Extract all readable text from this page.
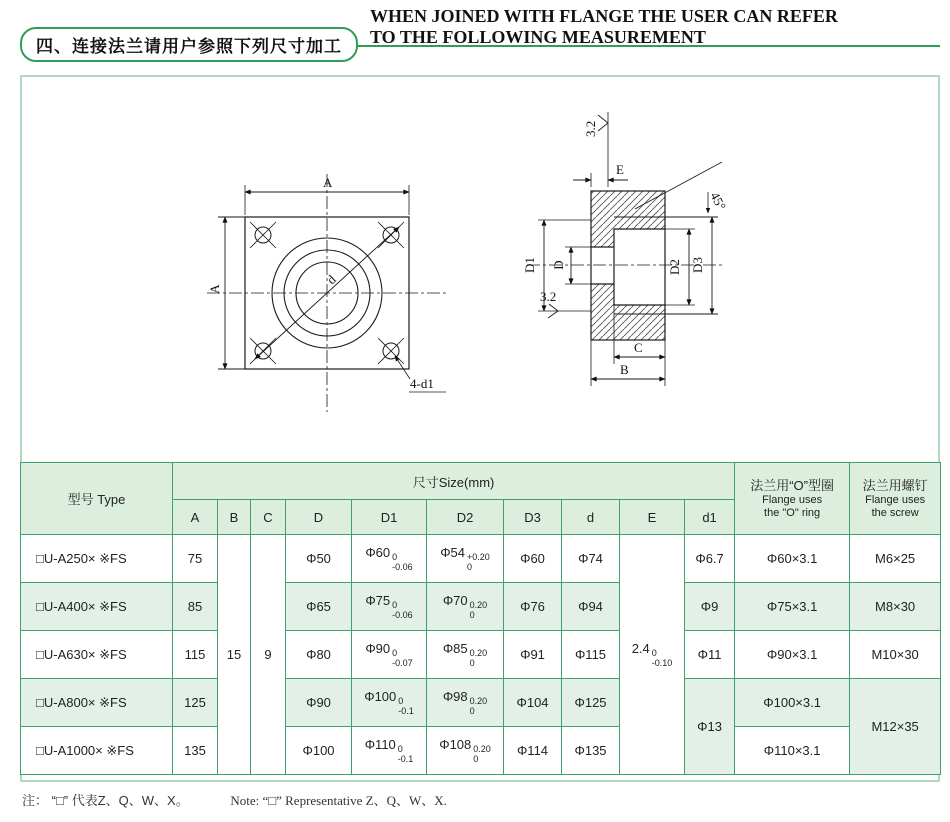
四、连接法兰请用户参照下列尺寸加工
WHEN JOINED WITH FLANGE THE USER CAN REFER
TO THE FOLLOWING MEASUREMENT
A
A
d
4-d1
D1 D	D2 D3
E
3.2
3.2
45°
C
B
型号 Type	尺寸Size(mm)	法兰用“O”型圈
Flange uses
the "O" ring

法兰用螺钉
Flange uses
the screw

	A	B	C	D	D1	D2	D3	d	E	d1		
□U-A250× ※FS	75	15	9	Φ50	Φ60 0
-0.06	Φ54 +0.20
0	Φ60	Φ74	2.4 0
-0.10	Φ6.7	Φ60×3.1	M6×25
□U-A400× ※FS	85			Φ65	Φ75 0
-0.06	Φ70 0.20
0	Φ76	Φ94		Φ9	Φ75×3.1	M8×30
□U-A630× ※FS	115			Φ80	Φ90 0
-0.07	Φ85 0.20
0	Φ91	Φ115		Φ11	Φ90×3.1	M10×30
□U-A800× ※FS	125			Φ90	Φ100 0
-0.1	Φ98 0.20
0	Φ104	Φ125		Φ13	Φ100×3.1	M12×35
□U-A1000× ※FS	135			Φ100	Φ110 0
-0.1	Φ108 0.20
0	Φ114	Φ135			Φ110×3.1	
注： “□” 代表Z、Q、W、X。	Note: “□” Representative Z、Q、W、X.
